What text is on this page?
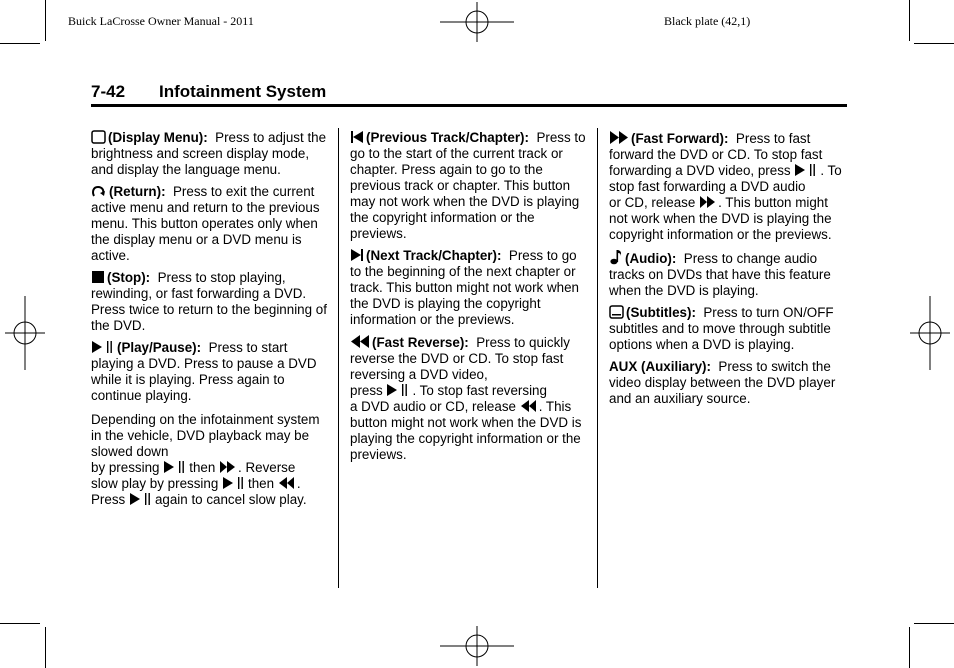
Buick LaCrosse Owner Manual - 2011	Black plate (42,1)
7-42 Infotainment System

(Display Menu): Press to adjust the brightness and screen display mode, and display the language menu.

(Return): Press to exit the current active menu and return to the previous menu. This button operates only when the display menu or a DVD menu is active.

(Stop): Press to stop playing, rewinding, or fast forwarding a DVD. Press twice to return to the beginning of the DVD.

(Play/Pause): Press to start playing a DVD. Press to pause a DVD while it is playing. Press again to continue playing.

Depending on the infotainment system in the vehicle, DVD playback may be slowed down
by pressing then . Reverse
slow play by pressing then .
Press again to cancel slow play.

(Previous Track/Chapter): Press to go to the start of the current track or chapter. Press again to go to the previous track or chapter. This button may not work when the DVD is playing the copyright information or the previews.

(Next Track/Chapter): Press to go to the beginning of the next chapter or track. This button might not work when the DVD is playing the copyright information or the previews.

(Fast Reverse): Press to quickly reverse the DVD or CD. To stop fast reversing a DVD video,
press . To stop fast reversing
a DVD audio or CD, release . This button might not work when the DVD is playing the copyright information or the previews.

(Fast Forward): Press to fast forward the DVD or CD. To stop fast
forwarding a DVD video, press . To stop fast forwarding a DVD audio
or CD, release . This button might not work when the DVD is playing the copyright information or the previews.

(Audio): Press to change audio tracks on DVDs that have this feature when the DVD is playing.

(Subtitles): Press to turn ON/OFF subtitles and to move through subtitle options when a DVD is playing.

AUX (Auxiliary): Press to switch the video display between the DVD player and an auxiliary source.
